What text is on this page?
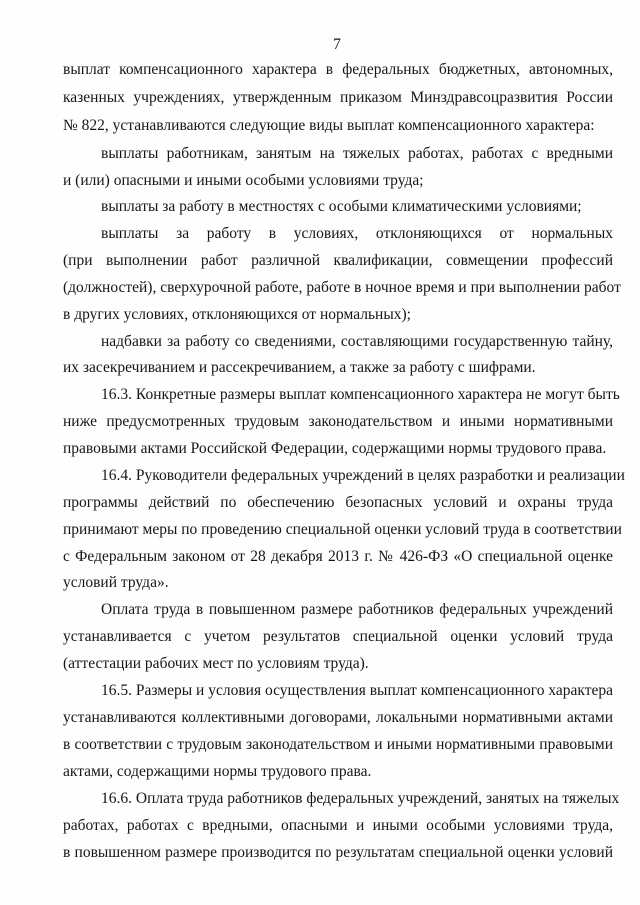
7
выплат компенсационного характера в федеральных бюджетных, автономных,
казенных учреждениях, утвержденным приказом Минздравсоцразвития России
№ 822, устанавливаются следующие виды выплат компенсационного характера:
выплаты работникам, занятым на тяжелых работах, работах с вредными
и (или) опасными и иными особыми условиями труда;
выплаты за работу в местностях с особыми климатическими условиями;
выплаты за работу в условиях, отклоняющихся от нормальных
(при выполнении работ различной квалификации, совмещении профессий
(должностей), сверхурочной работе, работе в ночное время и при выполнении работ
в других условиях, отклоняющихся от нормальных);
надбавки за работу со сведениями, составляющими государственную тайну,
их засекречиванием и рассекречиванием, а также за работу с шифрами.
16.3. Конкретные размеры выплат компенсационного характера не могут быть
ниже предусмотренных трудовым законодательством и иными нормативными
правовыми актами Российской Федерации, содержащими нормы трудового права.
16.4. Руководители федеральных учреждений в целях разработки и реализации
программы действий по обеспечению безопасных условий и охраны труда
принимают меры по проведению специальной оценки условий труда в соответствии
с Федеральным законом от 28 декабря 2013 г. № 426-ФЗ «О специальной оценке
условий труда».
Оплата труда в повышенном размере работников федеральных учреждений
устанавливается с учетом результатов специальной оценки условий труда
(аттестации рабочих мест по условиям труда).
16.5. Размеры и условия осуществления выплат компенсационного характера
устанавливаются коллективными договорами, локальными нормативными актами
в соответствии с трудовым законодательством и иными нормативными правовыми
актами, содержащими нормы трудового права.
16.6. Оплата труда работников федеральных учреждений, занятых на тяжелых
работах, работах с вредными, опасными и иными особыми условиями труда,
в повышенном размере производится по результатам специальной оценки условий
